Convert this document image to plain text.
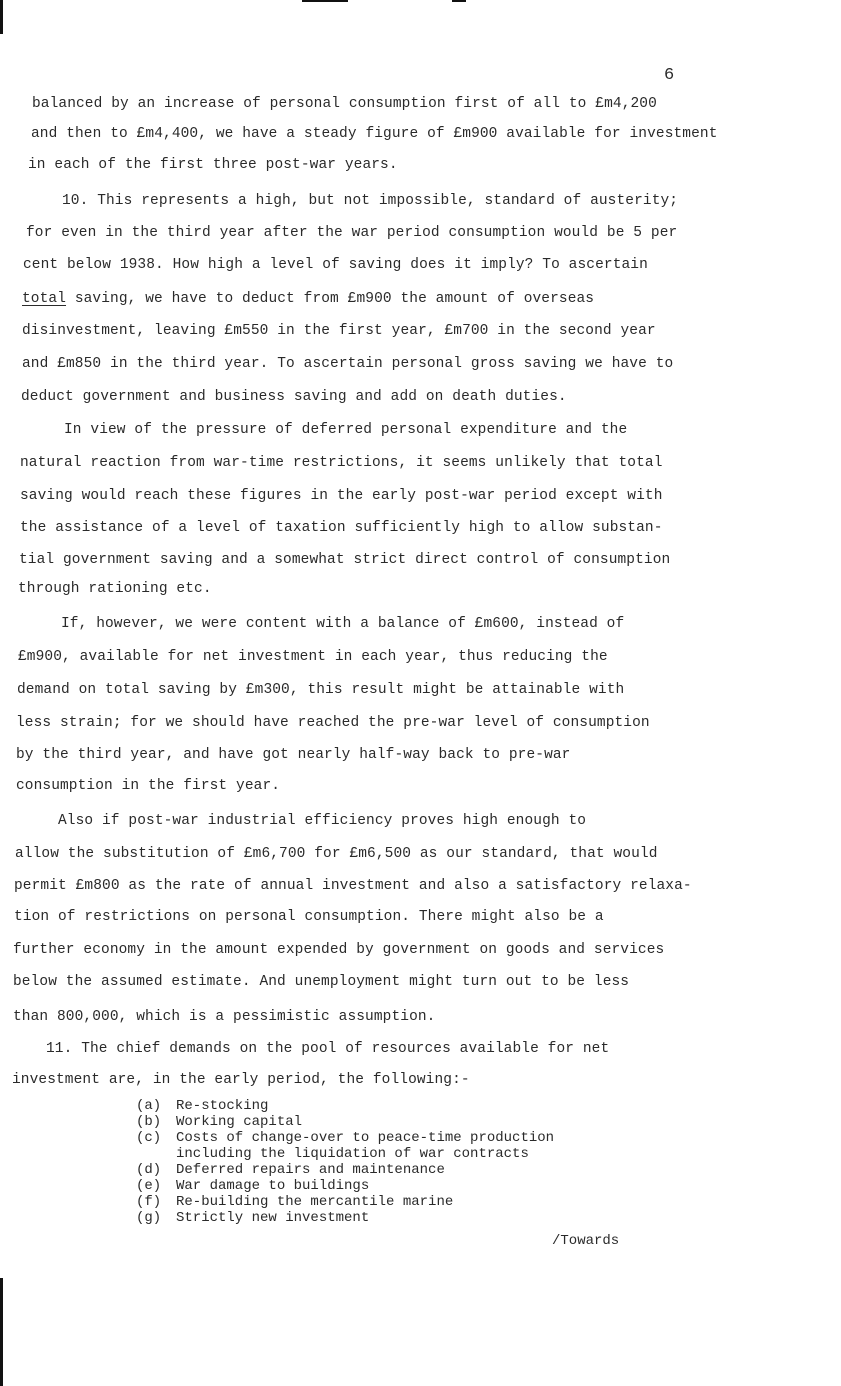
6
balanced by an increase of personal consumption first of all to £m4,200
and then to £m4,400, we have a steady figure of £m900 available for investment
in each of the first three post-war years.
10. This represents a high, but not impossible, standard of austerity;
for even in the third year after the war period consumption would be 5 per
cent below 1938. How high a level of saving does it imply? To ascertain
total saving, we have to deduct from £m900 the amount of overseas
disinvestment, leaving £m550 in the first year, £m700 in the second year
and £m850 in the third year. To ascertain personal gross saving we have to
deduct government and business saving and add on death duties.
In view of the pressure of deferred personal expenditure and the
natural reaction from war-time restrictions, it seems unlikely that total
saving would reach these figures in the early post-war period except with
the assistance of a level of taxation sufficiently high to allow substan-
tial government saving and a somewhat strict direct control of consumption
through rationing etc.
If, however, we were content with a balance of £m600, instead of
£m900, available for net investment in each year, thus reducing the
demand on total saving by £m300, this result might be attainable with
less strain; for we should have reached the pre-war level of consumption
by the third year, and have got nearly half-way back to pre-war
consumption in the first year.
Also if post-war industrial efficiency proves high enough to
allow the substitution of £m6,700 for £m6,500 as our standard, that would
permit £m800 as the rate of annual investment and also a satisfactory relaxa-
tion of restrictions on personal consumption. There might also be a
further economy in the amount expended by government on goods and services
below the assumed estimate. And unemployment might turn out to be less
than 800,000, which is a pessimistic assumption.
11. The chief demands on the pool of resources available for net
investment are, in the early period, the following:-
(a)	Re-stocking
(b)	Working capital
(c)	Costs of change-over to peace-time production
including the liquidation of war contracts
(d)	Deferred repairs and maintenance
(e)	War damage to buildings
(f)	Re-building the mercantile marine
(g)	Strictly new investment
/Towards
